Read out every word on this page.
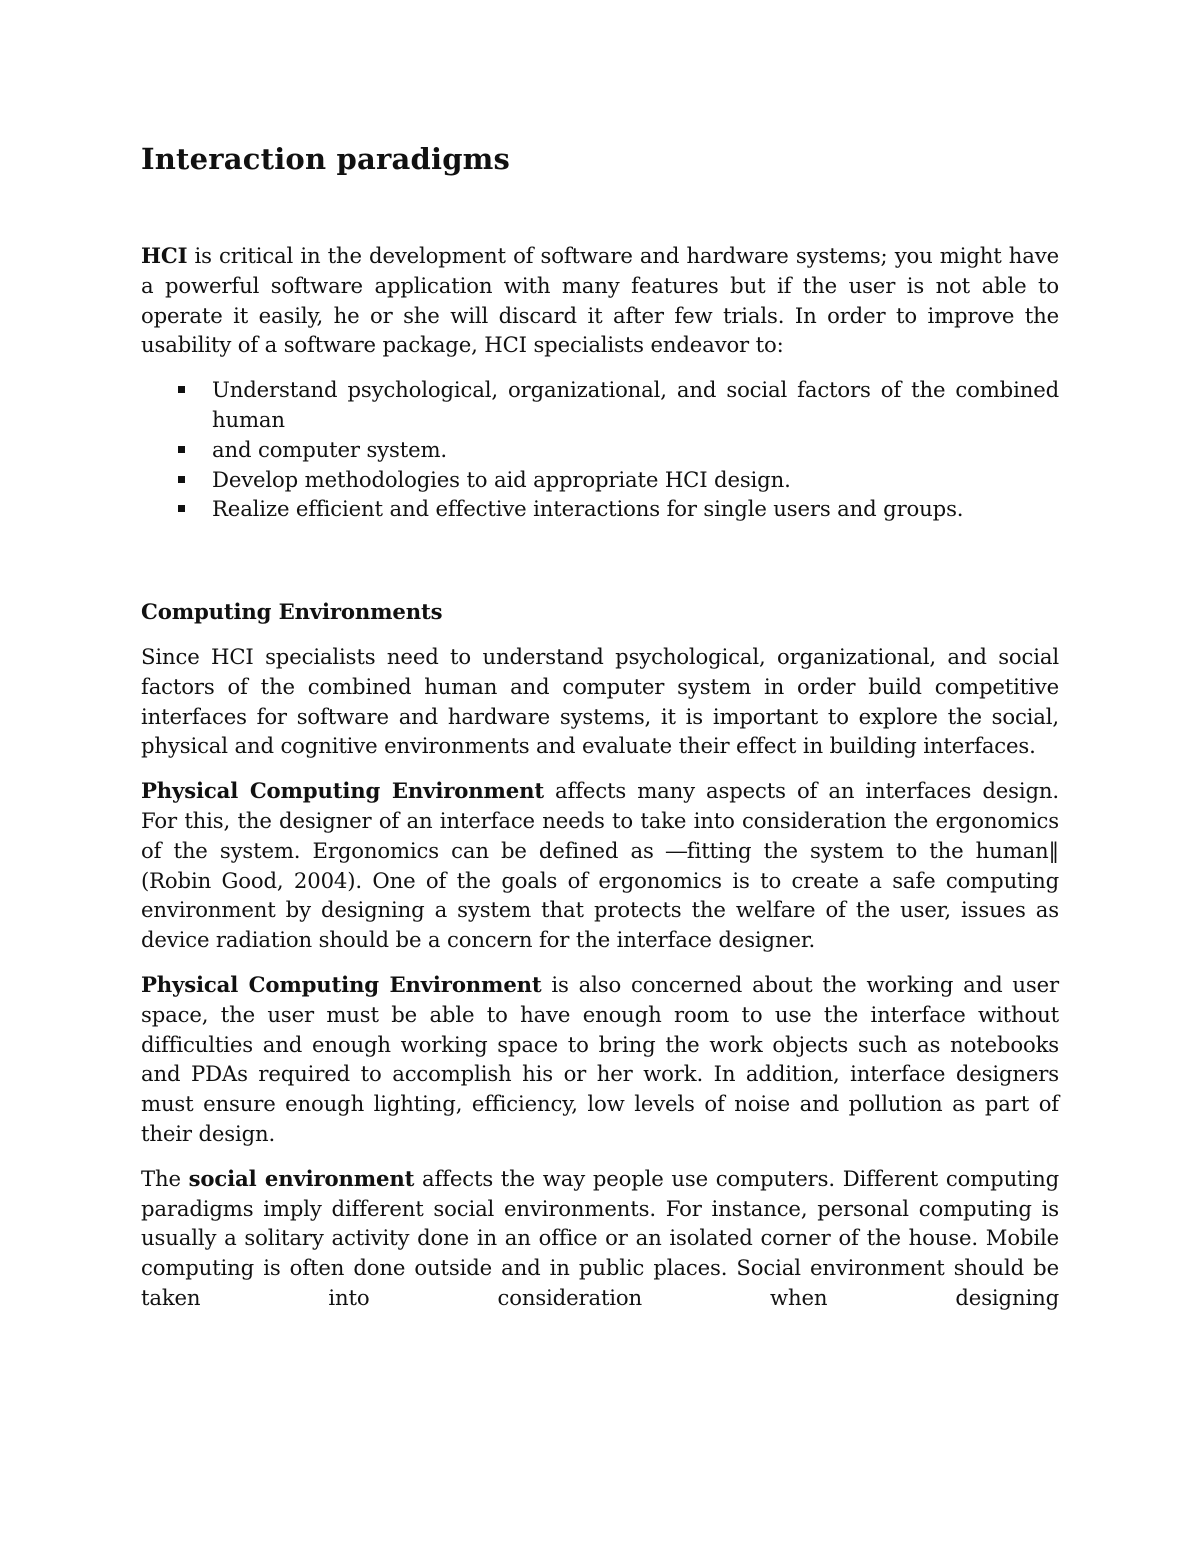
Interaction paradigms

HCI is critical in the development of software and hardware systems; you might have a powerful software application with many features but if the user is not able to operate it easily, he or she will discard it after few trials. In order to improve the usability of a software package, HCI specialists endeavor to:

Understand psychological, organizational, and social factors of the combined human
and computer system.
Develop methodologies to aid appropriate HCI design.
Realize efficient and effective interactions for single users and groups.

Computing Environments

Since HCI specialists need to understand psychological, organizational, and social factors of the combined human and computer system in order build competitive interfaces for software and hardware systems, it is important to explore the social, physical and cognitive environments and evaluate their effect in building interfaces.

Physical Computing Environment affects many aspects of an interfaces design. For this, the designer of an interface needs to take into consideration the ergonomics of the system. Ergonomics can be defined as ―fitting the system to the human‖ (Robin Good, 2004). One of the goals of ergonomics is to create a safe computing environment by designing a system that protects the welfare of the user, issues as device radiation should be a concern for the interface designer.

Physical Computing Environment is also concerned about the working and user space, the user must be able to have enough room to use the interface without difficulties and enough working space to bring the work objects such as notebooks and PDAs required to accomplish his or her work. In addition, interface designers must ensure enough lighting, efficiency, low levels of noise and pollution as part of their design.

The social environment affects the way people use computers. Different computing paradigms imply different social environments. For instance, personal computing is usually a solitary activity done in an office or an isolated corner of the house. Mobile computing is often done outside and in public places. Social environment should be taken into consideration when designing
